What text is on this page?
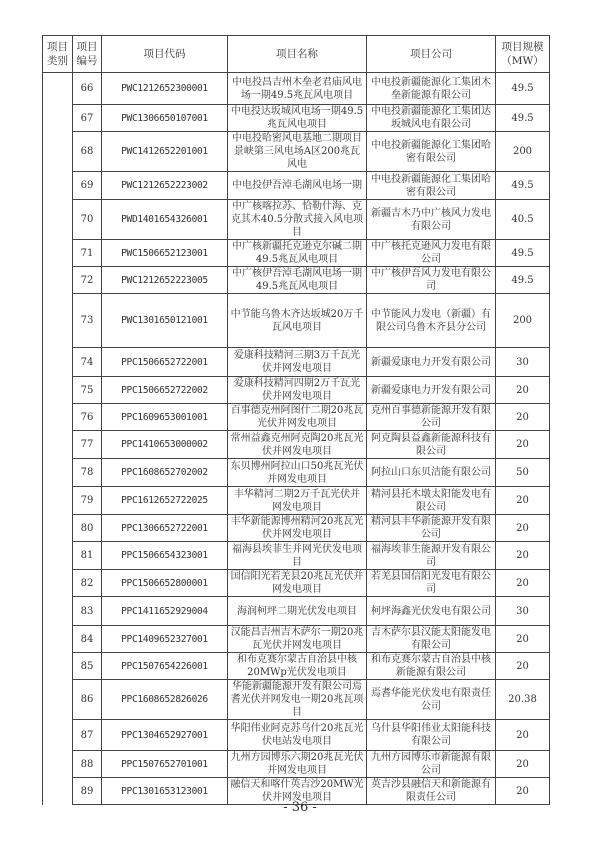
项目类别	项目编号	项目代码	项目名称	项目公司	项目规模（MW）
	66	PWC1212652300001	中电投昌吉州木垒老君庙风电场一期49.5兆瓦风电项目	中电投新疆能源化工集团木垒新能源有限公司	49.5
	67	PWC1306650107001	中电投达坂城风电场一期49.5兆瓦风电项目	中电投新疆能源化工集团达坂城风电有限公司	49.5
	68	PWC1412652201001	中电投哈密风电基地二期项目景峡第三风电场A区200兆瓦风电	中电投新疆能源化工集团哈密有限公司	200
	69	PWC1212652223002	中电投伊吾淖毛湖风电场一期	中电投新疆能源化工集团哈密有限公司	49.5
	70	PWD1401654326001	中广核喀拉苏、恰勒什海、克克其木40.5分散式接入风电项目	新疆吉木乃中广核风力发电有限公司	40.5
	71	PWC1506652123001	中广核新疆托克逊克尔碱二期49.5兆瓦风电项目	中广核托克逊风力发电有限公司	49.5
	72	PWC1212652223005	中广核伊吾淖毛湖风电场一期49.5兆瓦风电项目	中广核伊吾风力发电有限公司	49.5
	73	PWC1301650121001	中节能乌鲁木齐达坂城20万千瓦风电项目	中节能风力发电（新疆）有限公司乌鲁木齐县分公司	200
	74	PPC1506652722001	爱康科技精河三期3万千瓦光伏并网发电项目	新疆爱康电力开发有限公司	30
	75	PPC1506652722002	爱康科技精河四期2万千瓦光伏并网发电项目	新疆爱康电力开发有限公司	20
	76	PPC1609653001001	百事德克州阿图什二期20兆瓦光伏并网发电项目	克州百事德新能源开发有限公司	20
	77	PPC1410653000002	常州益鑫克州阿克陶20兆瓦光伏并网发电项目	阿克陶县益鑫新能源科技有限公司	20
	78	PPC1608652702002	东贝博州阿拉山口50兆瓦光伏并网发电项目	阿拉山口东贝洁能有限公司	50
	79	PPC1612652722025	丰华精河二期2万千瓦光伏并网发电项目	精河县托木墩太阳能发电有限公司	20
	80	PPC1306652722001	丰华新能源博州精河20兆瓦光伏并网发电项目	精河县丰华新能源开发有限公司	20
	81	PPC1506654323001	福海县埃菲生并网光伏发电项目	福海埃菲生能源开发有限公司	20
	82	PPC1506652800001	国信阳光若羌县20兆瓦光伏并网发电项目	若羌县国信阳光发电有限公司	20
	83	PPC1411652929004	海润柯坪二期光伏发电项目	柯坪海鑫光伏发电有限公司	30
	84	PPC1409652327001	汉能昌吉州吉木萨尔一期20兆瓦光伏并网发电项目	吉木萨尔县汉能太阳能发电有限公司	20
	85	PPC1507654226001	和布克赛尔蒙古自治县中核20MWp光伏发电项目	和布克赛尔蒙古自治县中核新能源有限公司	20
	86	PPC1608652826026	华能新疆能源开发有限公司焉耆光伏并网发电一期20兆瓦项目	焉耆华能光伏发电有限责任公司	20.38
	87	PPC1304652927001	华阳伟业阿克苏乌什20兆瓦光伏电站发电项目	乌什县华阳伟业太阳能科技有限公司	20
	88	PPC1507652701001	九州方园博乐六期20兆瓦光伏并网发电项目	九州方园博乐市新能源有限公司	20
	89	PPC1301653123001	融信天和喀什英吉沙20MW光伏并网发电项目	英吉沙县融信天和新能源有限责任公司	20
- 36 -
